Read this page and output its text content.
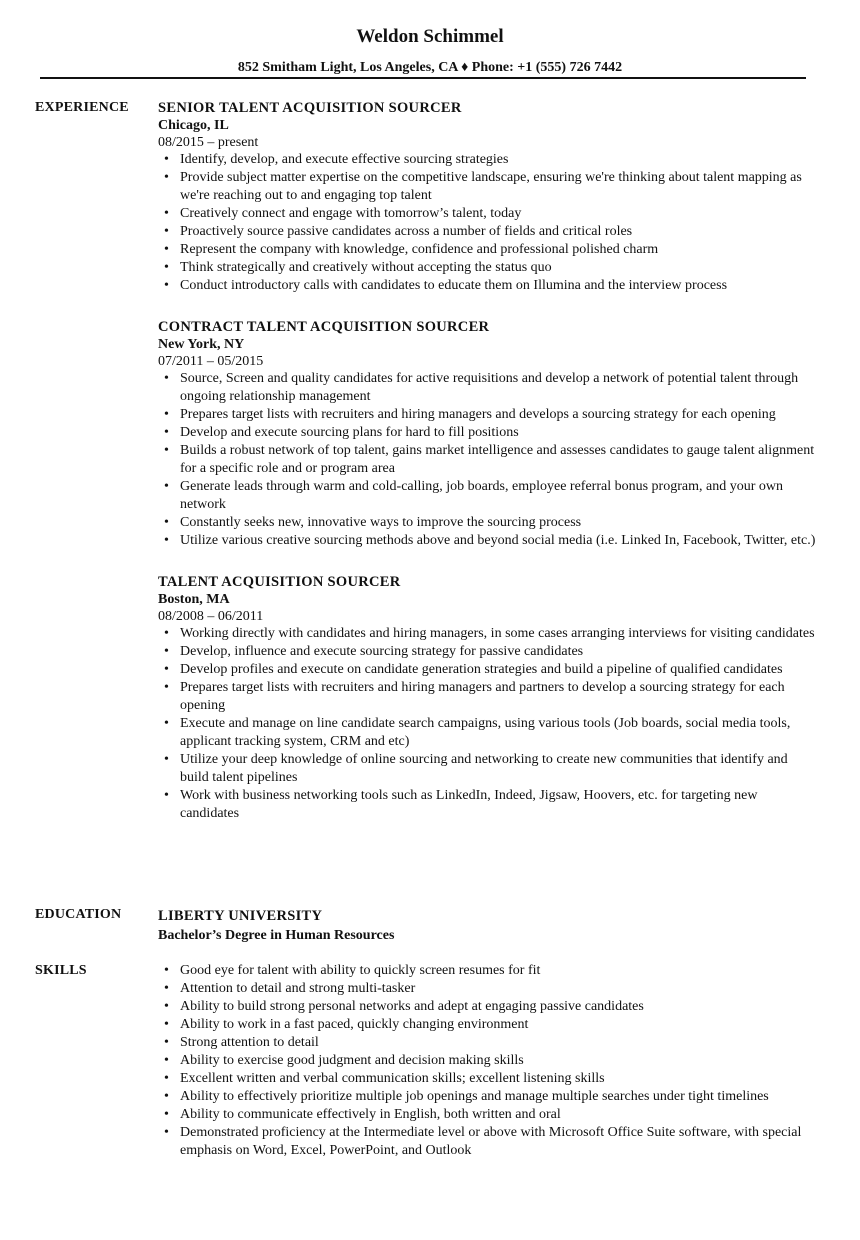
Weldon Schimmel
852 Smitham Light, Los Angeles, CA ♦ Phone: +1 (555) 726 7442
EXPERIENCE SENIOR TALENT ACQUISITION SOURCER
Chicago, IL
08/2015 – present
• Identify, develop, and execute effective sourcing strategies
• Provide subject matter expertise on the competitive landscape, ensuring we're thinking about talent mapping as we're reaching out to and engaging top talent
• Creatively connect and engage with tomorrow’s talent, today
• Proactively source passive candidates across a number of fields and critical roles
• Represent the company with knowledge, confidence and professional polished charm
• Think strategically and creatively without accepting the status quo
• Conduct introductory calls with candidates to educate them on Illumina and the interview process
CONTRACT TALENT ACQUISITION SOURCER
New York, NY
07/2011 – 05/2015
• Source, Screen and quality candidates for active requisitions and develop a network of potential talent through ongoing relationship management
• Prepares target lists with recruiters and hiring managers and develops a sourcing strategy for each opening
• Develop and execute sourcing plans for hard to fill positions
• Builds a robust network of top talent, gains market intelligence and assesses candidates to gauge talent alignment for a specific role and or program area
• Generate leads through warm and cold-calling, job boards, employee referral bonus program, and your own network
• Constantly seeks new, innovative ways to improve the sourcing process
• Utilize various creative sourcing methods above and beyond social media (i.e. Linked In, Facebook, Twitter, etc.)
TALENT ACQUISITION SOURCER
Boston, MA
08/2008 – 06/2011
• Working directly with candidates and hiring managers, in some cases arranging interviews for visiting candidates
• Develop, influence and execute sourcing strategy for passive candidates
• Develop profiles and execute on candidate generation strategies and build a pipeline of qualified candidates
• Prepares target lists with recruiters and hiring managers and partners to develop a sourcing strategy for each opening
• Execute and manage on line candidate search campaigns, using various tools (Job boards, social media tools, applicant tracking system, CRM and etc)
• Utilize your deep knowledge of online sourcing and networking to create new communities that identify and build talent pipelines
• Work with business networking tools such as LinkedIn, Indeed, Jigsaw, Hoovers, etc. for targeting new candidates
EDUCATION	LIBERTY UNIVERSITY
Bachelor’s Degree in Human Resources
SKILLS
•	Good eye for talent with ability to quickly screen resumes for fit
• Attention to detail and strong multi-tasker
• Ability to build strong personal networks and adept at engaging passive candidates
• Ability to work in a fast paced, quickly changing environment
• Strong attention to detail
• Ability to exercise good judgment and decision making skills
• Excellent written and verbal communication skills; excellent listening skills
• Ability to effectively prioritize multiple job openings and manage multiple searches under tight timelines
• Ability to communicate effectively in English, both written and oral
• Demonstrated proficiency at the Intermediate level or above with Microsoft Office Suite software, with special emphasis on Word, Excel, PowerPoint, and Outlook
